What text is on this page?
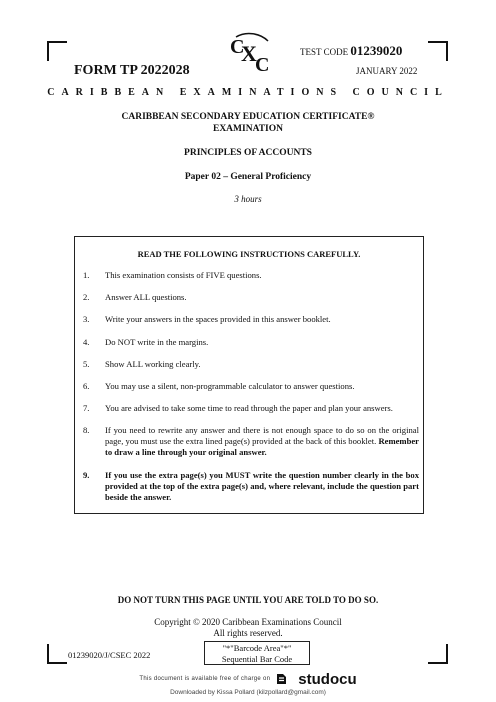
C
X
C
FORM TP 2022028
TEST CODE 01239020
JANUARY 2022
CARIBBEAN EXAMINATIONS COUNCIL
CARIBBEAN SECONDARY EDUCATION CERTIFICATE®
EXAMINATION
PRINCIPLES OF ACCOUNTS
Paper 02 – General Proficiency
3 hours
READ THE FOLLOWING INSTRUCTIONS CAREFULLY.
1. This examination consists of FIVE questions.
2. Answer ALL questions.
3. Write your answers in the spaces provided in this answer booklet.
4. Do NOT write in the margins.
5. Show ALL working clearly.
6. You may use a silent, non-programmable calculator to answer questions.
7. You are advised to take some time to read through the paper and plan your answers.
8. If you need to rewrite any answer and there is not enough space to do so on the original page, you must use the extra lined page(s) provided at the back of this booklet. Remember to draw a line through your original answer.
9. If you use the extra page(s) you MUST write the question number clearly in the box provided at the top of the extra page(s) and, where relevant, include the question part beside the answer.
DO NOT TURN THIS PAGE UNTIL YOU ARE TOLD TO DO SO.
Copyright © 2020 Caribbean Examinations Council
All rights reserved.
01239020/J/CSEC 2022
"*"Barcode Area"*"
Sequential Bar Code
This document is available free of charge on studocu
Downloaded by Kissa Pollard (kilzpollard@gmail.com)
